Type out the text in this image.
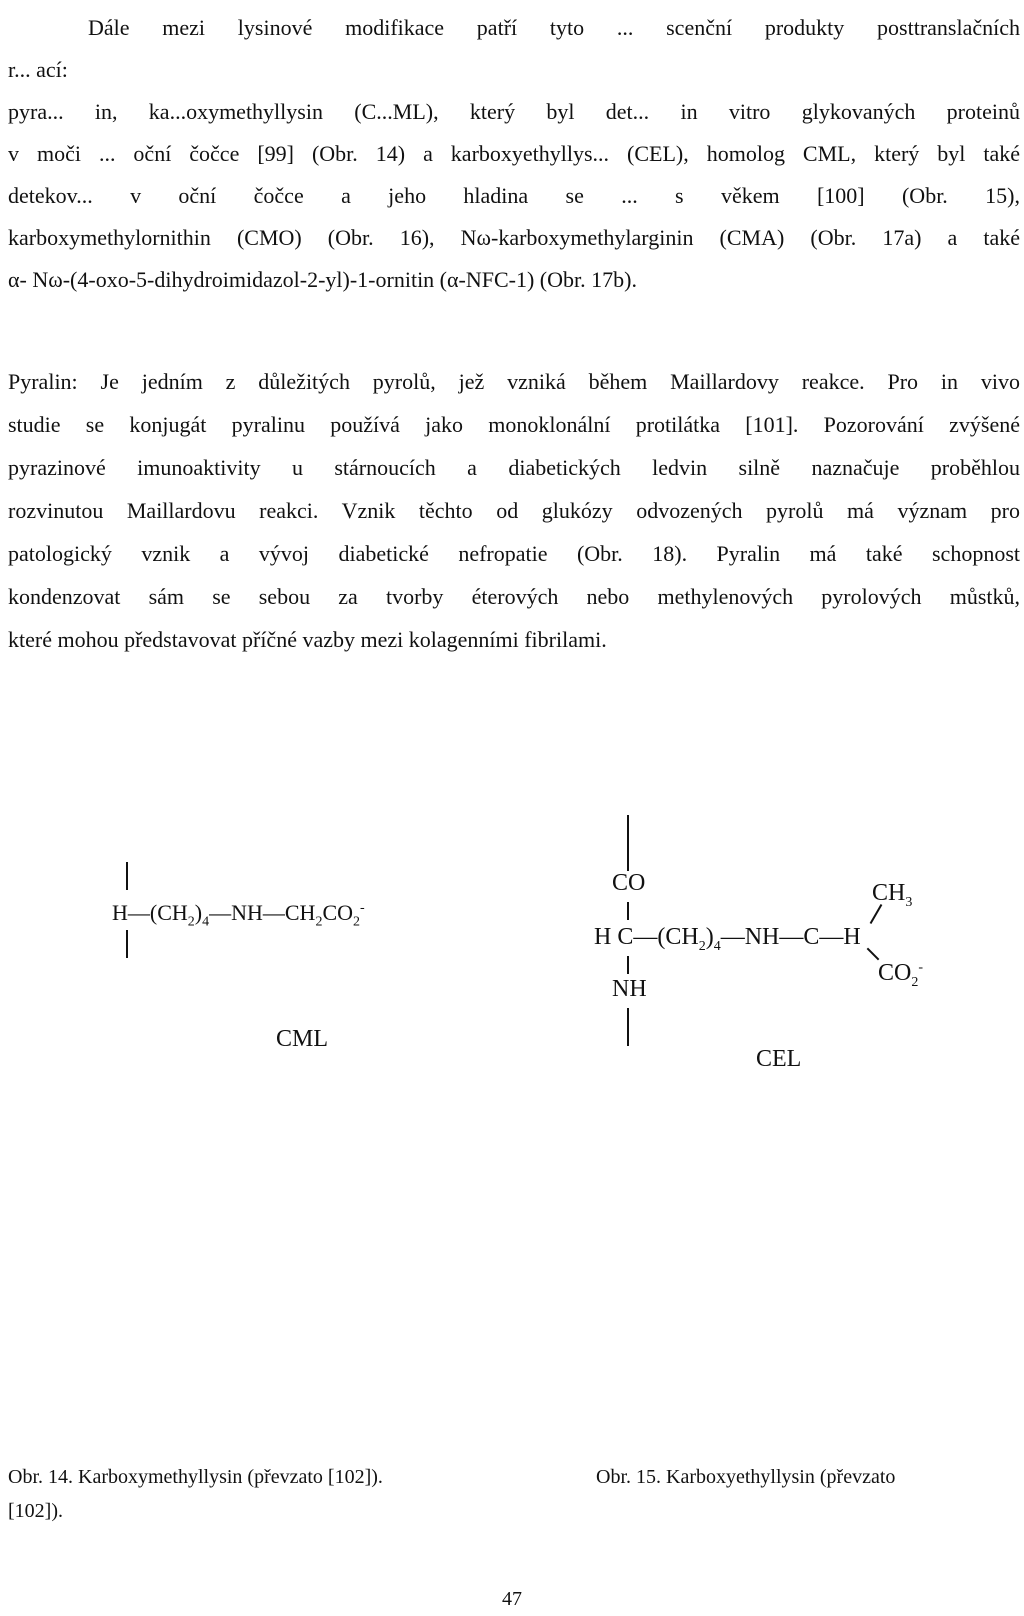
Dále mezi lysinové modifikace patří tyto ... scenční produkty posttranslačních
r... ací:
pyra... in, ka...oxymethyllysin (C...ML), který byl det... in vitro glykovaných proteinů
v moči ... oční čočce [99] (Obr. 14) a karboxyethyllys... (CEL), homolog CML, který byl také
detekov... v oční čočce a jeho hladina se ... s věkem [100] (Obr. 15),
karboxymethylornithin (CMO) (Obr. 16), Nω-karboxymethylarginin (CMA) (Obr. 17a) a také
α- Nω-(4-oxo-5-dihydroimidazol-2-yl)-1-ornitin (α-NFC-1) (Obr. 17b).
Pyralin: Je jedním z důležitých pyrolů, jež vzniká během Maillardovy reakce. Pro in vivo
studie se konjugát pyralinu používá jako monoklonální protilátka [101]. Pozorování zvýšené
pyrazinové imunoaktivity u stárnoucích a diabetických ledvin silně naznačuje proběhlou
rozvinutou Maillardovu reakci. Vznik těchto od glukózy odvozených pyrolů má význam pro
patologický vznik a vývoj diabetické nefropatie (Obr. 18). Pyralin má také schopnost
kondenzovat sám se sebou za tvorby éterových nebo methylenových pyrolových můstků,
které mohou představovat příčné vazby mezi kolagenními fibrilami.
$H—(CH_2)_4—NH—CH_2CO_2^-$
CML
CO
H $C—(CH_2)_4—NH—C—H$
$CH_3$
$CO_2^-$
NH
CEL
Obr. 14. Karboxymethyllysin (převzato [102]).	Obr. 15. Karboxyethyllysin (převzato
[102]).
47
